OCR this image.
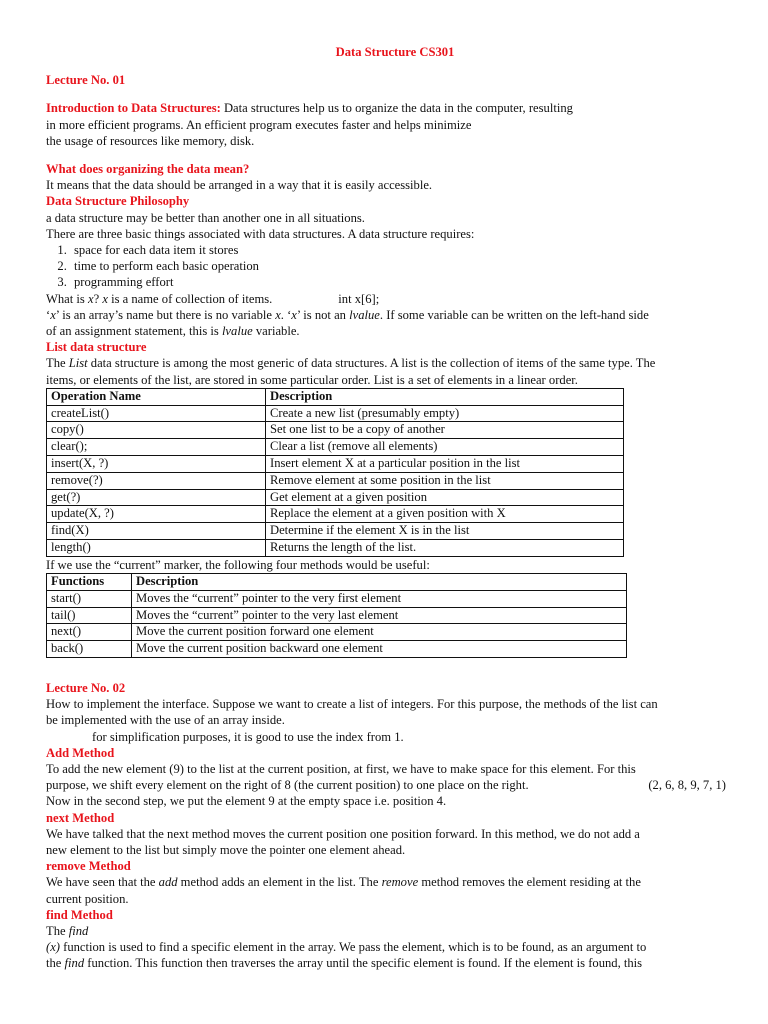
Data Structure CS301

Lecture No. 01

Introduction to Data Structures: Data structures help us to organize the data in the computer, resulting
in more efficient programs. An efficient program executes faster and helps minimize
the usage of resources like memory, disk.

What does organizing the data mean?

It means that the data should be arranged in a way that it is easily accessible.

Data Structure Philosophy

a data structure may be better than another one in all situations.

There are three basic things associated with data structures. A data structure requires:

1. space for each data item it stores
2. time to perform each basic operation
3. programming effort

What is x? x is a name of collection of items.	int x[6];

‘x’ is an array’s name but there is no variable x. ‘x’ is not an lvalue. If some variable can be written on the left-hand side
of an assignment statement, this is lvalue variable.

List data structure

The List data structure is among the most generic of data structures. A list is the collection of items of the same type. The
items, or elements of the list, are stored in some particular order. List is a set of elements in a linear order.

Operation Name	Description
createList()	Create a new list (presumably empty)
copy()	Set one list to be a copy of another
clear();	Clear a list (remove all elements)
insert(X, ?)	Insert element X at a particular position in the list
remove(?)	Remove element at some position in the list
get(?)	Get element at a given position
update(X, ?)	Replace the element at a given position with X
find(X)	Determine if the element X is in the list
length()	Returns the length of the list.

If we use the “current” marker, the following four methods would be useful:

Functions	Description
start()	Moves the “current” pointer to the very first element
tail()	Moves the “current” pointer to the very last element
next()	Move the current position forward one element
back()	Move the current position backward one element

Lecture No. 02

How to implement the interface. Suppose we want to create a list of integers. For this purpose, the methods of the list can

be implemented with the use of an array inside.

for simplification purposes, it is good to use the index from 1.

Add Method

To add the new element (9) to the list at the current position, at first, we have to make space for this element. For this

purpose, we shift every element on the right of 8 (the current position) to one place on the right.	(2, 6, 8, 9, 7, 1)

Now in the second step, we put the element 9 at the empty space i.e. position 4.

next Method

We have talked that the next method moves the current position one position forward. In this method, we do not add a

new element to the list but simply move the pointer one element ahead.

remove Method

We have seen that the add method adds an element in the list. The remove method removes the element residing at the

current position.

find Method

The find

(x) function is used to find a specific element in the array. We pass the element, which is to be found, as an argument to

the find function. This function then traverses the array until the specific element is found. If the element is found, this
